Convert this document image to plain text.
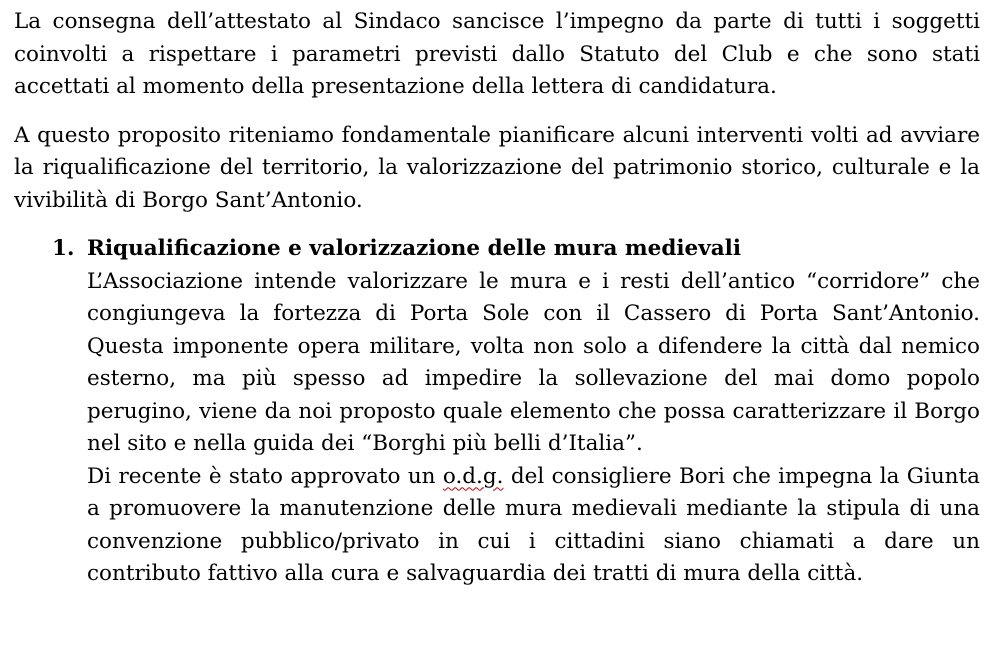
La consegna dell’attestato al Sindaco sancisce l’impegno da parte di tutti i soggetti coinvolti a rispettare i parametri previsti dallo Statuto del Club e che sono stati accettati al momento della presentazione della lettera di candidatura.

A questo proposito riteniamo fondamentale pianificare alcuni interventi volti ad avviare la riqualificazione del territorio, la valorizzazione del patrimonio storico, culturale e la vivibilità di Borgo Sant’Antonio.

1. Riqualificazione e valorizzazione delle mura medievali

L’Associazione intende valorizzare le mura e i resti dell’antico “corridore” che congiungeva la fortezza di Porta Sole con il Cassero di Porta Sant’Antonio. Questa imponente opera militare, volta non solo a difendere la città dal nemico esterno, ma più spesso ad impedire la sollevazione del mai domo popolo perugino, viene da noi proposto quale elemento che possa caratterizzare il Borgo nel sito e nella guida dei “Borghi più belli d’Italia”.

Di recente è stato approvato un o.d.g. del consigliere Bori che impegna la Giunta a promuovere la manutenzione delle mura medievali mediante la stipula di una convenzione pubblico/privato in cui i cittadini siano chiamati a dare un contributo fattivo alla cura e salvaguardia dei tratti di mura della città.
